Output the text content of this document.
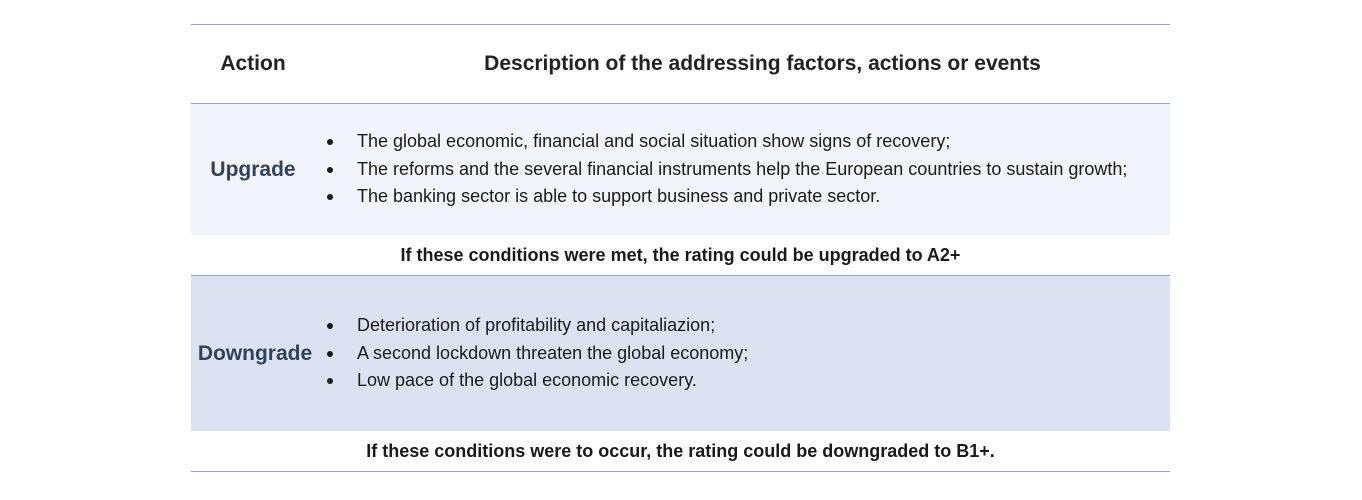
Action	Description of the addressing factors, actions or events
Upgrade
The global economic, financial and social situation show signs of recovery;
The reforms and the several financial instruments help the European countries to sustain growth;
The banking sector is able to support business and private sector.
If these conditions were met, the rating could be upgraded to A2+
Downgrade
Deterioration of profitability and capitaliazion;
A second lockdown threaten the global economy;
Low pace of the global economic recovery.
If these conditions were to occur, the rating could be downgraded to B1+.
